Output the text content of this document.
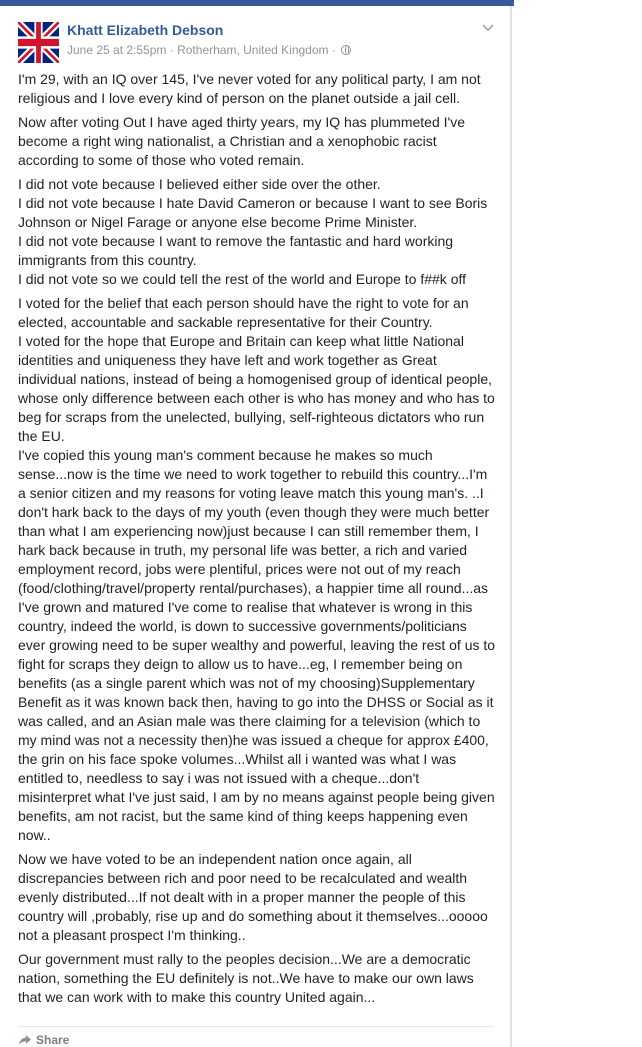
Khatt Elizabeth Debson
June 25 at 2:55pm · Rotherham, United Kingdom ·

I'm 29, with an IQ over 145, I've never voted for any political party, I am not religious and I love every kind of person on the planet outside a jail cell.

Now after voting Out I have aged thirty years, my IQ has plummeted I've become a right wing nationalist, a Christian and a xenophobic racist according to some of those who voted remain.

I did not vote because I believed either side over the other.
I did not vote because I hate David Cameron or because I want to see Boris Johnson or Nigel Farage or anyone else become Prime Minister.
I did not vote because I want to remove the fantastic and hard working immigrants from this country.
I did not vote so we could tell the rest of the world and Europe to f##k off

I voted for the belief that each person should have the right to vote for an elected, accountable and sackable representative for their Country.
I voted for the hope that Europe and Britain can keep what little National identities and uniqueness they have left and work together as Great individual nations, instead of being a homogenised group of identical people, whose only difference between each other is who has money and who has to beg for scraps from the unelected, bullying, self-righteous dictators who run the EU.
I've copied this young man's comment because he makes so much sense...now is the time we need to work together to rebuild this country...I'm a senior citizen and my reasons for voting leave match this young man's. ..I don't hark back to the days of my youth (even though they were much better than what I am experiencing now)just because I can still remember them, I hark back because in truth, my personal life was better, a rich and varied employment record, jobs were plentiful, prices were not out of my reach (food/clothing/travel/property rental/purchases), a happier time all round...as I've grown and matured I've come to realise that whatever is wrong in this country, indeed the world, is down to successive governments/politicians ever growing need to be super wealthy and powerful, leaving the rest of us to fight for scraps they deign to allow us to have...eg, I remember being on benefits (as a single parent which was not of my choosing)Supplementary Benefit as it was known back then, having to go into the DHSS or Social as it was called, and an Asian male was there claiming for a television (which to my mind was not a necessity then)he was issued a cheque for approx £400, the grin on his face spoke volumes...Whilst all i wanted was what I was entitled to, needless to say i was not issued with a cheque...don't misinterpret what I've just said, I am by no means against people being given benefits, am not racist, but the same kind of thing keeps happening even now..

Now we have voted to be an independent nation once again, all discrepancies between rich and poor need to be recalculated and wealth evenly distributed...If not dealt with in a proper manner the people of this country will ,probably, rise up and do something about it themselves...ooooo not a pleasant prospect I'm thinking..

Our government must rally to the peoples decision...We are a democratic nation, something the EU definitely is not..We have to make our own laws that we can work with to make this country United again...

Share
